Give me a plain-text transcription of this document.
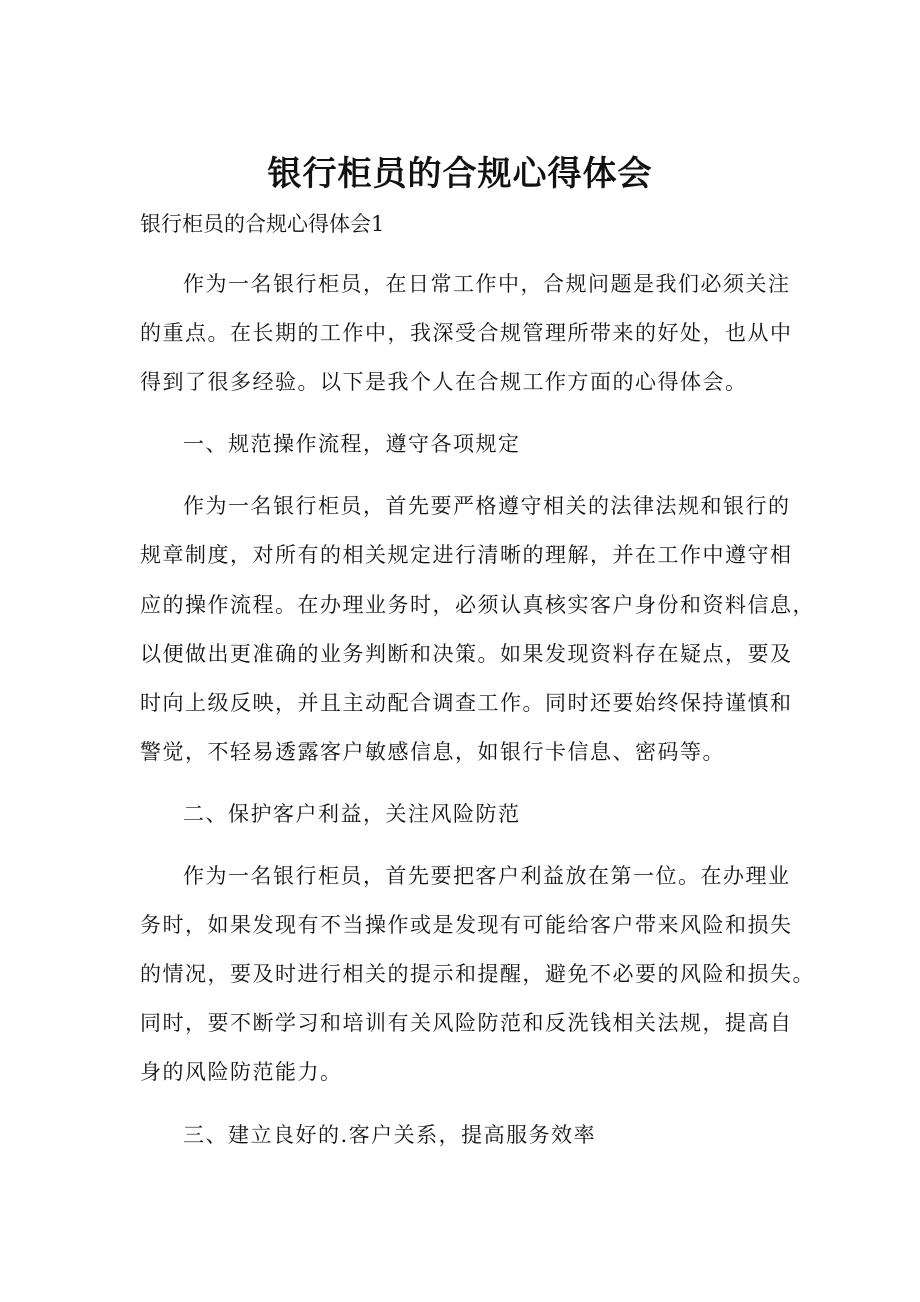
银行柜员的合规心得体会
银行柜员的合规心得体会1
作为一名银行柜员，在日常工作中，合规问题是我们必须关注
的重点。在长期的工作中，我深受合规管理所带来的好处，也从中
得到了很多经验。以下是我个人在合规工作方面的心得体会。
一、规范操作流程，遵守各项规定
作为一名银行柜员，首先要严格遵守相关的法律法规和银行的
规章制度，对所有的相关规定进行清晰的理解，并在工作中遵守相
应的操作流程。在办理业务时，必须认真核实客户身份和资料信息，
以便做出更准确的业务判断和决策。如果发现资料存在疑点，要及
时向上级反映，并且主动配合调查工作。同时还要始终保持谨慎和
警觉，不轻易透露客户敏感信息，如银行卡信息、密码等。
二、保护客户利益，关注风险防范
作为一名银行柜员，首先要把客户利益放在第一位。在办理业
务时，如果发现有不当操作或是发现有可能给客户带来风险和损失
的情况，要及时进行相关的提示和提醒，避免不必要的风险和损失。
同时，要不断学习和培训有关风险防范和反洗钱相关法规，提高自
身的风险防范能力。
三、建立良好的.客户关系，提高服务效率
